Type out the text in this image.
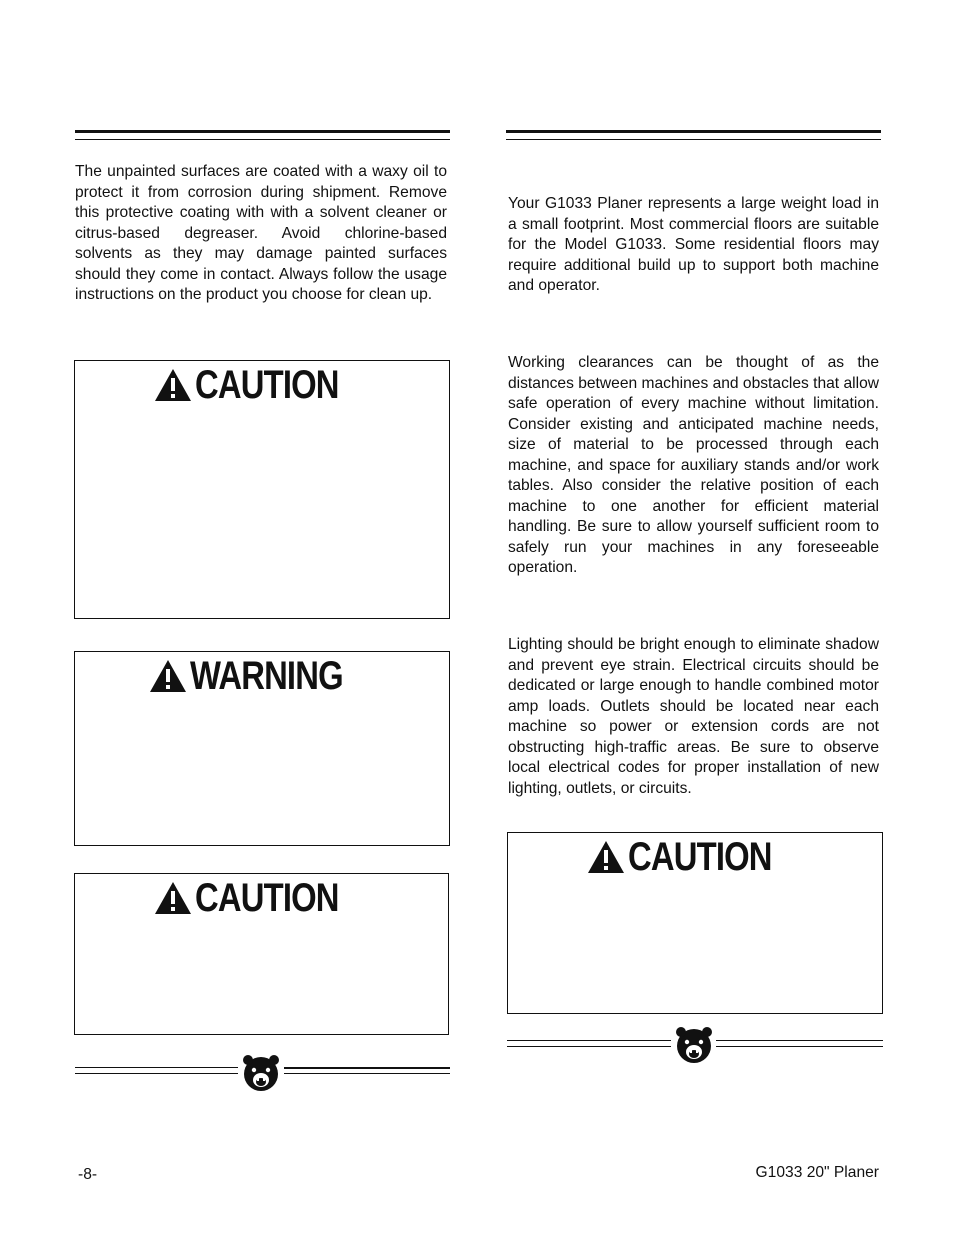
The unpainted surfaces are coated with a waxy oil to protect it from corrosion during shipment. Remove this protective coating with with a solvent cleaner or citrus-based degreaser. Avoid chlorine-based solvents as they may damage painted surfaces should they come in contact. Always follow the usage instructions on the product you choose for clean up.

CAUTION
WARNING
CAUTION

Your G1033 Planer represents a large weight load in a small footprint. Most commercial floors are suitable for the Model G1033. Some residential floors may require additional build up to support both machine and operator.

Working clearances can be thought of as the distances between machines and obstacles that allow safe operation of every machine without limitation. Consider existing and anticipated machine needs, size of material to be processed through each machine, and space for auxiliary stands and/or work tables. Also consider the relative position of each machine to one another for efficient material handling. Be sure to allow yourself sufficient room to safely run your machines in any foreseeable operation.

Lighting should be bright enough to eliminate shadow and prevent eye strain. Electrical circuits should be dedicated or large enough to handle combined motor amp loads. Outlets should be located near each machine so power or extension cords are not obstructing high-traffic areas. Be sure to observe local electrical codes for proper installation of new lighting, outlets, or circuits.

CAUTION
-8-	G1033 20" Planer
